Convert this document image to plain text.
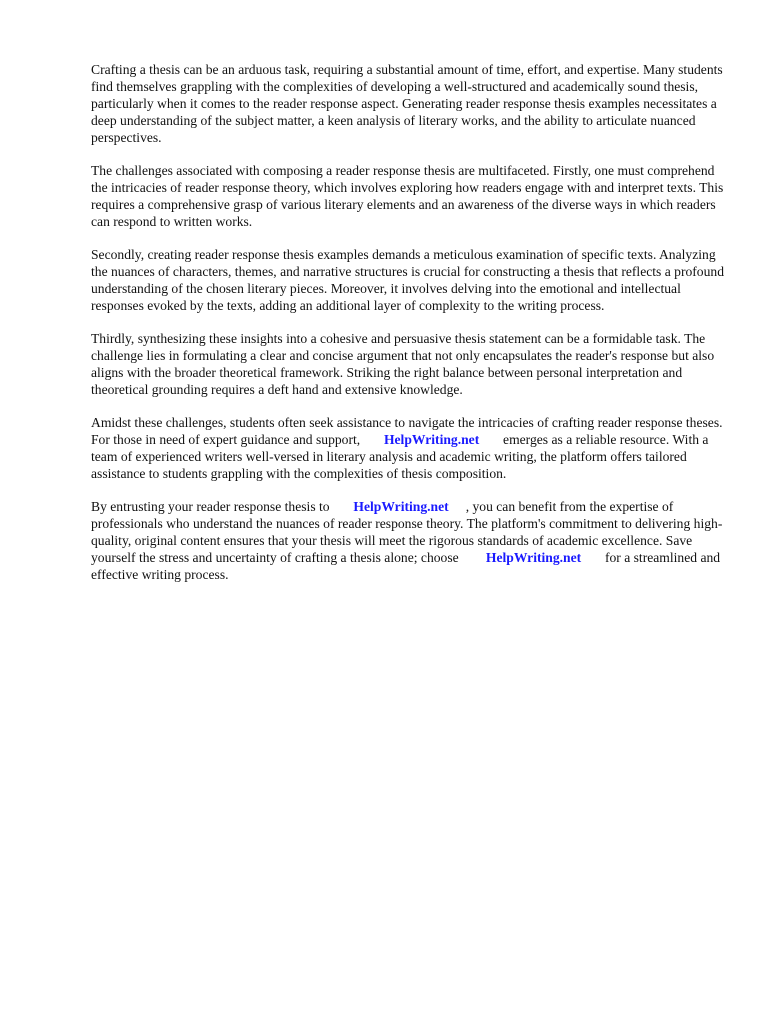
Crafting a thesis can be an arduous task, requiring a substantial amount of time, effort, and expertise. Many students find themselves grappling with the complexities of developing a well-structured and academically sound thesis, particularly when it comes to the reader response aspect. Generating reader response thesis examples necessitates a deep understanding of the subject matter, a keen analysis of literary works, and the ability to articulate nuanced perspectives.

The challenges associated with composing a reader response thesis are multifaceted. Firstly, one must comprehend the intricacies of reader response theory, which involves exploring how readers engage with and interpret texts. This requires a comprehensive grasp of various literary elements and an awareness of the diverse ways in which readers can respond to written works.

Secondly, creating reader response thesis examples demands a meticulous examination of specific texts. Analyzing the nuances of characters, themes, and narrative structures is crucial for constructing a thesis that reflects a profound understanding of the chosen literary pieces. Moreover, it involves delving into the emotional and intellectual responses evoked by the texts, adding an additional layer of complexity to the writing process.

Thirdly, synthesizing these insights into a cohesive and persuasive thesis statement can be a formidable task. The challenge lies in formulating a clear and concise argument that not only encapsulates the reader's response but also aligns with the broader theoretical framework. Striking the right balance between personal interpretation and theoretical grounding requires a deft hand and extensive knowledge.

Amidst these challenges, students often seek assistance to navigate the intricacies of crafting reader response theses. For those in need of expert guidance and support,       HelpWriting.net       emerges as a reliable resource. With a team of experienced writers well-versed in literary analysis and academic writing, the platform offers tailored assistance to students grappling with the complexities of thesis composition.

By entrusting your reader response thesis to       HelpWriting.net , you can benefit from the expertise of professionals who understand the nuances of reader response theory. The platform's commitment to delivering high-quality, original content ensures that your thesis will meet the rigorous standards of academic excellence. Save yourself the stress and uncertainty of crafting a thesis alone; choose        HelpWriting.net       for a streamlined and effective writing process.
